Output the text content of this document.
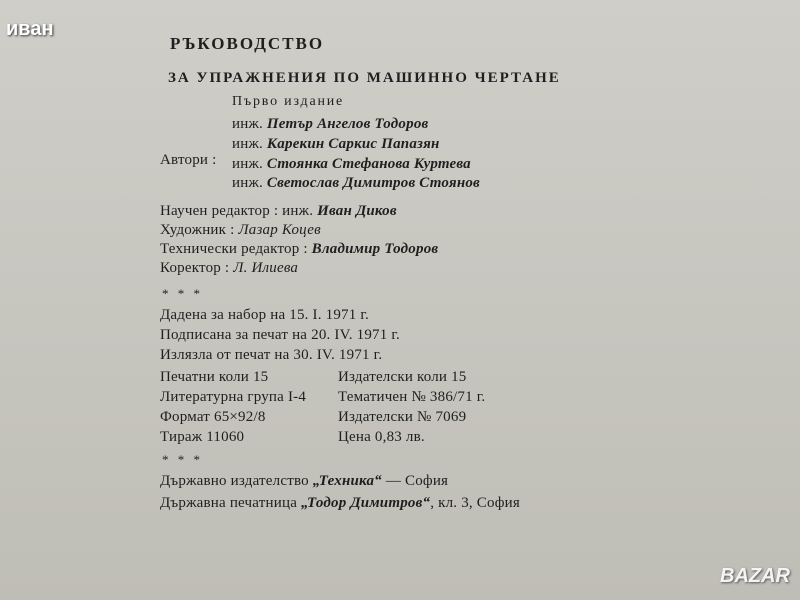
иван
РЪКОВОДСТВО
ЗА УПРАЖНЕНИЯ ПО МАШИННО ЧЕРТАНЕ
Първо издание
Автори :
инж. Петър Ангелов Тодоров
инж. Карекин Саркис Папазян
инж. Стоянка Стефанова Куртева
инж. Светослав Димитров Стоянов
Научен редактор : инж. Иван Диков
Художник : Лазар Коцев
Технически редактор : Владимир Тодоров
Коректор : Л. Илиева
* * *
Дадена за набор на 15. I. 1971 г.
Подписана за печат на 20. IV. 1971 г.
Излязла от печат на 30. IV. 1971 г.
Печатни коли 15
Литературна група I-4
Формат 65×92/8
Тираж 11060
Издателски коли 15
Тематичен № 386/71 г.
Издателски № 7069
Цена 0,83 лв.
* * *
Държавно издателство „Техника“ — София
Държавна печатница „Тодор Димитров“, кл. 3, София
BAZAR
